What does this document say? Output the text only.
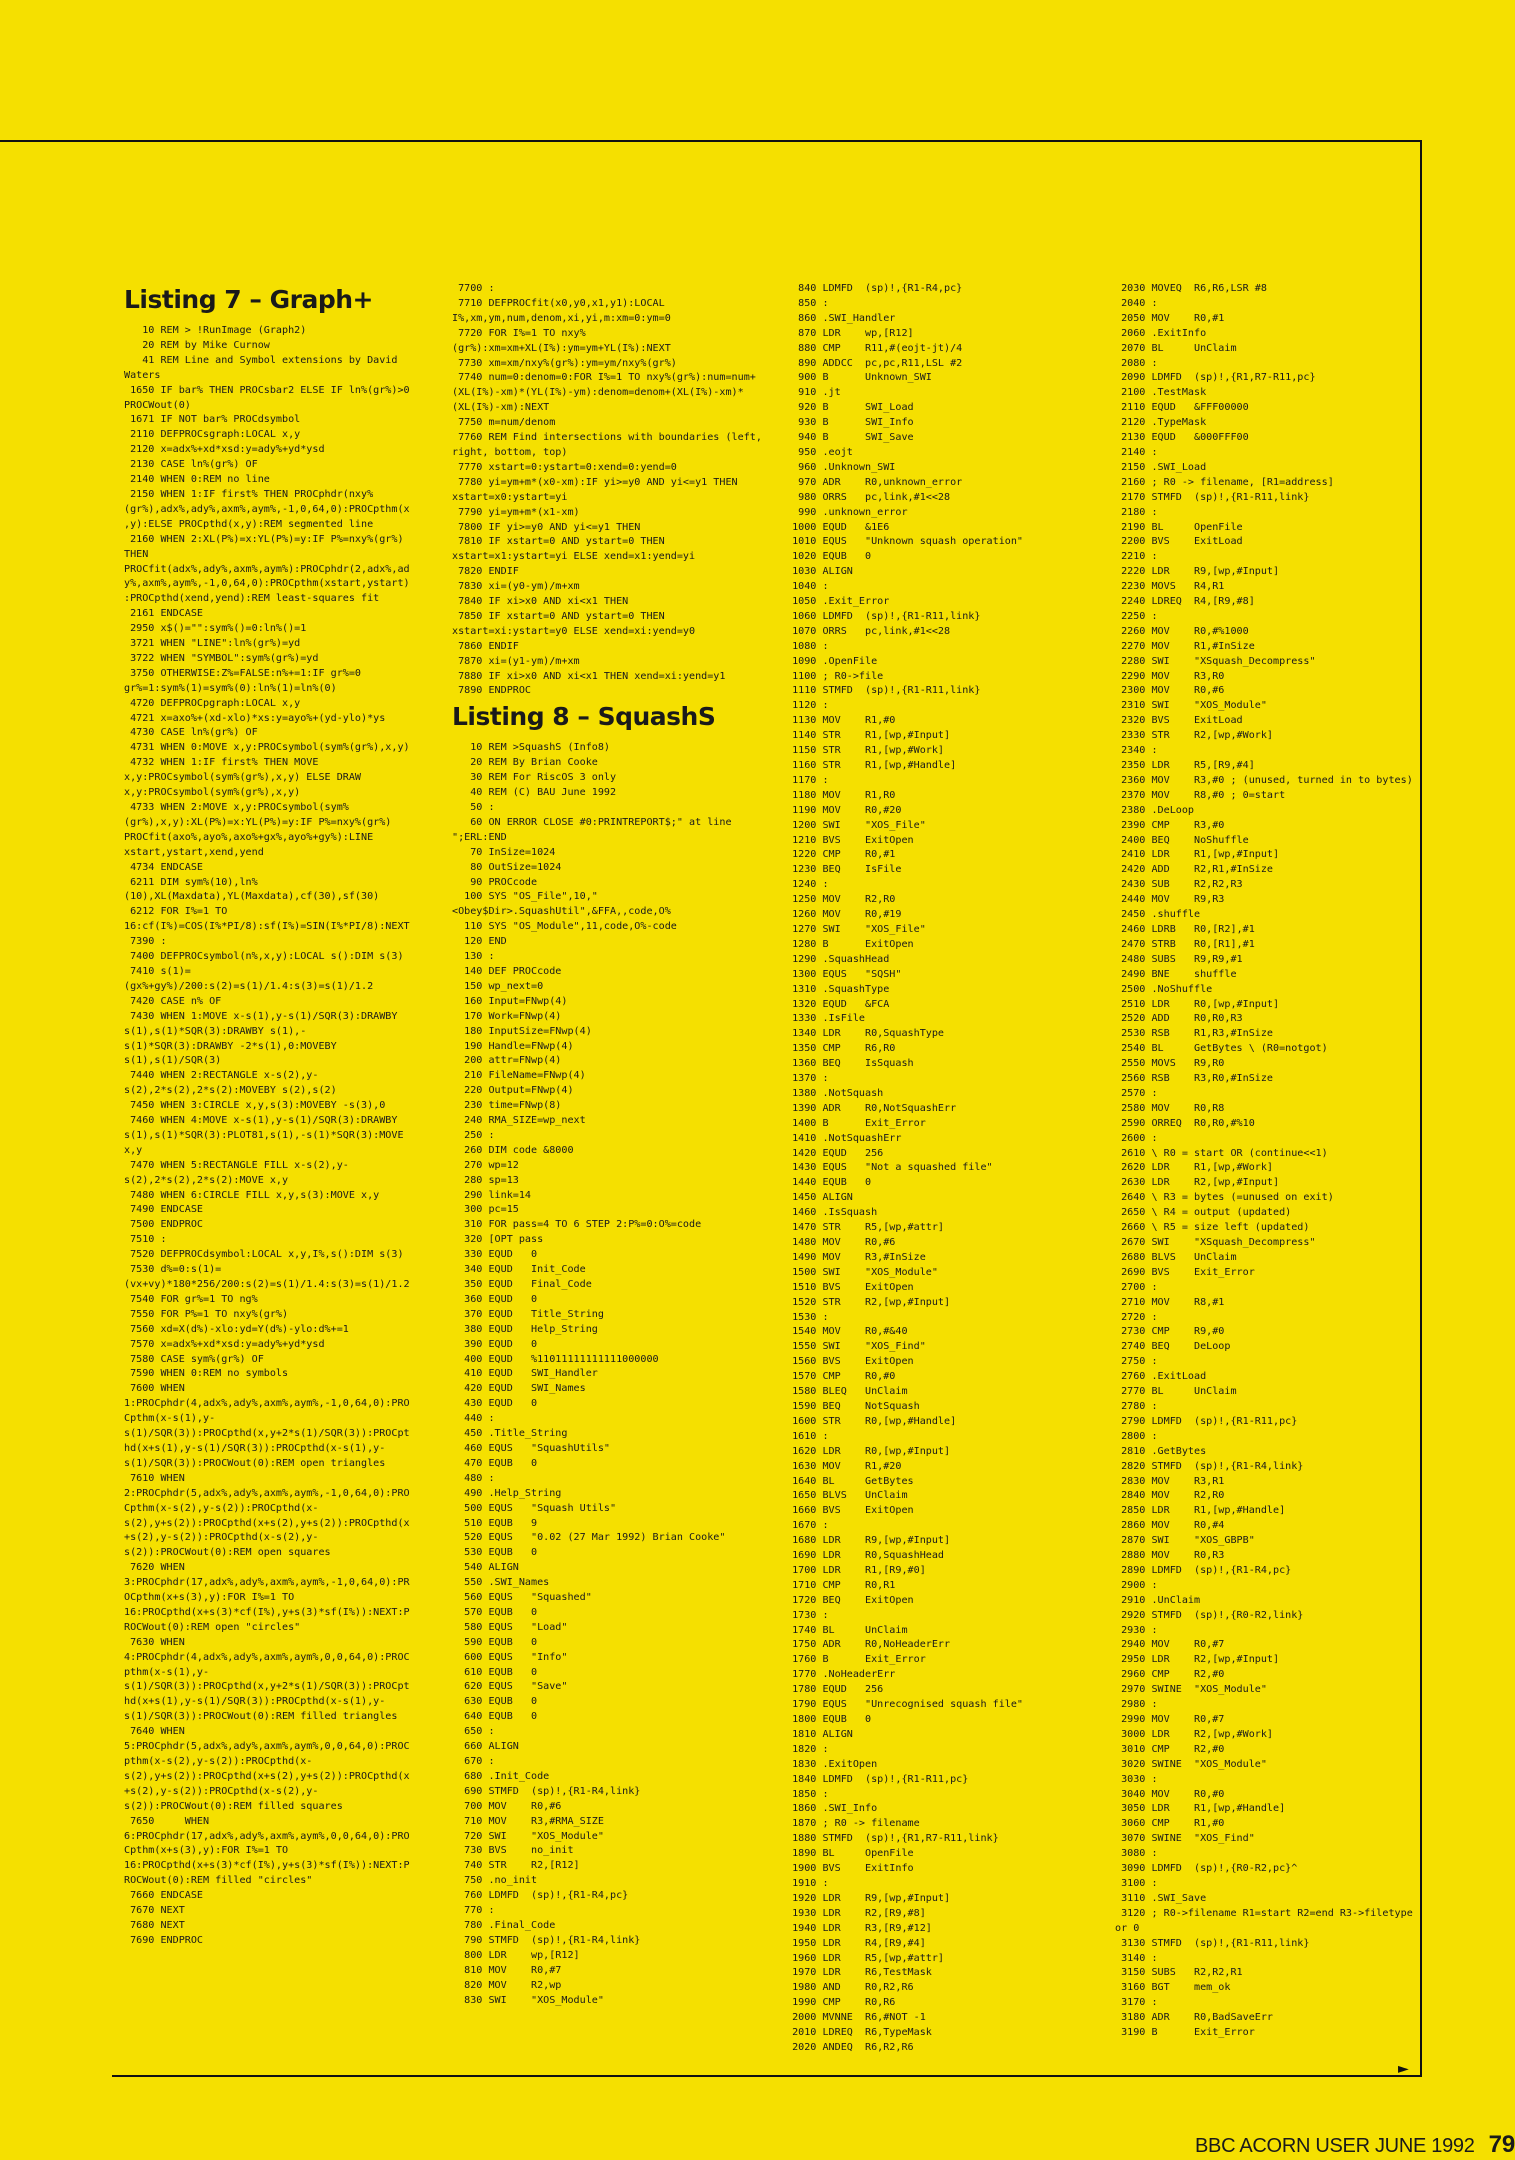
►
Listing 7 – Graph+
10 REM > !RunImage (Graph2)
20 REM by Mike Curnow
41 REM Line and Symbol extensions by David Waters
1650 IF bar% THEN PROCsbar2 ELSE IF ln%(gr%)>0 PROCWout(0)
1671 IF NOT bar% PROCdsymbol
2110 DEFPROCsgraph:LOCAL x,y
2120 x=adx%+xd*xsd:y=ady%+yd*ysd
2130 CASE ln%(gr%) OF
2140 WHEN 0:REM no line
2150 WHEN 1:IF first% THEN PROCphdr(nxy%(gr%),adx%,ady%,axm%,aym%,-1,0,64,0):PROCpthm(x,y):ELSE PROCpthd(x,y):REM segmented line
2160 WHEN 2:XL(P%)=x:YL(P%)=y:IF P%=nxy%(gr%) THEN PROCfit(adx%,ady%,axm%,aym%):PROCphdr(2,adx%,ady%,axm%,aym%,-1,0,64,0):PROCpthm(xstart,ystart):PROCpthd(xend,yend):REM least-squares fit
2161 ENDCASE
2950 x$()="":sym%()=0:ln%()=1
3721 WHEN "LINE":ln%(gr%)=yd
3722 WHEN "SYMBOL":sym%(gr%)=yd
3750 OTHERWISE:Z%=FALSE:n%+=1:IF gr%=0 gr%=1:sym%(1)=sym%(0):ln%(1)=ln%(0)
4720 DEFPROCpgraph:LOCAL x,y
4721 x=axo%+(xd-xlo)*xs:y=ayo%+(yd-ylo)*ys
4730 CASE ln%(gr%) OF
4731 WHEN 0:MOVE x,y:PROCsymbol(sym%(gr%),x,y)
4732 WHEN 1:IF first% THEN MOVE x,y:PROCsymbol(sym%(gr%),x,y) ELSE DRAW x,y:PROCsymbol(sym%(gr%),x,y)
4733 WHEN 2:MOVE x,y:PROCsymbol(sym%(gr%),x,y):XL(P%)=x:YL(P%)=y:IF P%=nxy%(gr%) PROCfit(axo%,ayo%,axo%+gx%,ayo%+gy%):LINE xstart,ystart,xend,yend
4734 ENDCASE
6211 DIM sym%(10),ln%(10),XL(Maxdata),YL(Maxdata),cf(30),sf(30)
6212 FOR I%=1 TO 16:cf(I%)=COS(I%*PI/8):sf(I%)=SIN(I%*PI/8):NEXT
7390 :
7400 DEFPROCsymbol(n%,x,y):LOCAL s():DIM s(3)
7410 s(1)=(gx%+gy%)/200:s(2)=s(1)/1.4:s(3)=s(1)/1.2
7420 CASE n% OF
7430 WHEN 1:MOVE x-s(1),y-s(1)/SQR(3):DRAWBY s(1),s(1)*SQR(3):DRAWBY s(1),-s(1)*SQR(3):DRAWBY -2*s(1),0:MOVEBY s(1),s(1)/SQR(3)
7440 WHEN 2:RECTANGLE x-s(2),y-s(2),2*s(2),2*s(2):MOVEBY s(2),s(2)
7450 WHEN 3:CIRCLE x,y,s(3):MOVEBY -s(3),0
7460 WHEN 4:MOVE x-s(1),y-s(1)/SQR(3):DRAWBY s(1),s(1)*SQR(3):PLOT81,s(1),-s(1)*SQR(3):MOVE x,y
7470 WHEN 5:RECTANGLE FILL x-s(2),y-s(2),2*s(2),2*s(2):MOVE x,y
7480 WHEN 6:CIRCLE FILL x,y,s(3):MOVE x,y
7490 ENDCASE
7500 ENDPROC
7510 :
7520 DEFPROCdsymbol:LOCAL x,y,I%,s():DIM s(3)
7530 d%=0:s(1)=(vx+vy)*180*256/200:s(2)=s(1)/1.4:s(3)=s(1)/1.2
7540 FOR gr%=1 TO ng%
7550 FOR P%=1 TO nxy%(gr%)
7560 xd=X(d%)-xlo:yd=Y(d%)-ylo:d%+=1
7570 x=adx%+xd*xsd:y=ady%+yd*ysd
7580 CASE sym%(gr%) OF
7590 WHEN 0:REM no symbols
7600 WHEN 1:PROCphdr(4,adx%,ady%,axm%,aym%,-1,0,64,0):PROCpthm(x-s(1),y-s(1)/SQR(3)):PROCpthd(x,y+2*s(1)/SQR(3)):PROCpthd(x+s(1),y-s(1)/SQR(3)):PROCpthd(x-s(1),y-s(1)/SQR(3)):PROCWout(0):REM open triangles
7610 WHEN 2:PROCphdr(5,adx%,ady%,axm%,aym%,-1,0,64,0):PROCpthm(x-s(2),y-s(2)):PROCpthd(x-s(2),y+s(2)):PROCpthd(x+s(2),y+s(2)):PROCpthd(x+s(2),y-s(2)):PROCpthd(x-s(2),y-s(2)):PROCWout(0):REM open squares
7620 WHEN 3:PROCphdr(17,adx%,ady%,axm%,aym%,-1,0,64,0):PROCpthm(x+s(3),y):FOR I%=1 TO 16:PROCpthd(x+s(3)*cf(I%),y+s(3)*sf(I%)):NEXT:PROCWout(0):REM open "circles"
7630 WHEN 4:PROCphdr(4,adx%,ady%,axm%,aym%,0,0,64,0):PROCpthm(x-s(1),y-s(1)/SQR(3)):PROCpthd(x,y+2*s(1)/SQR(3)):PROCpthd(x+s(1),y-s(1)/SQR(3)):PROCpthd(x-s(1),y-s(1)/SQR(3)):PROCWout(0):REM filled triangles
7640 WHEN 5:PROCphdr(5,adx%,ady%,axm%,aym%,0,0,64,0):PROCpthm(x-s(2),y-s(2)):PROCpthd(x-s(2),y+s(2)):PROCpthd(x+s(2),y+s(2)):PROCpthd(x+s(2),y-s(2)):PROCpthd(x-s(2),y-s(2)):PROCWout(0):REM filled squares
7650     WHEN 6:PROCphdr(17,adx%,ady%,axm%,aym%,0,0,64,0):PROCpthm(x+s(3),y):FOR I%=1 TO 16:PROCpthd(x+s(3)*cf(I%),y+s(3)*sf(I%)):NEXT:PROCWout(0):REM filled "circles"
7660 ENDCASE
7670 NEXT
7680 NEXT
7690 ENDPROC
7700 :
7710 DEFPROCfit(x0,y0,x1,y1):LOCAL I%,xm,ym,num,denom,xi,yi,m:xm=0:ym=0
7720 FOR I%=1 TO nxy%(gr%):xm=xm+XL(I%):ym=ym+YL(I%):NEXT
7730 xm=xm/nxy%(gr%):ym=ym/nxy%(gr%)
7740 num=0:denom=0:FOR I%=1 TO nxy%(gr%):num=num+(XL(I%)-xm)*(YL(I%)-ym):denom=denom+(XL(I%)-xm)*(XL(I%)-xm):NEXT
7750 m=num/denom
7760 REM Find intersections with boundaries (left, right, bottom, top)
7770 xstart=0:ystart=0:xend=0:yend=0
7780 yi=ym+m*(x0-xm):IF yi>=y0 AND yi<=y1 THEN xstart=x0:ystart=yi
7790 yi=ym+m*(x1-xm)
7800 IF yi>=y0 AND yi<=y1 THEN
7810 IF xstart=0 AND ystart=0 THEN xstart=x1:ystart=yi ELSE xend=x1:yend=yi
7820 ENDIF
7830 xi=(y0-ym)/m+xm
7840 IF xi>x0 AND xi<x1 THEN
7850 IF xstart=0 AND ystart=0 THEN xstart=xi:ystart=y0 ELSE xend=xi:yend=y0
7860 ENDIF
7870 xi=(y1-ym)/m+xm
7880 IF xi>x0 AND xi<x1 THEN xend=xi:yend=y1
7890 ENDPROC
Listing 8 – SquashS
10 REM >SquashS (Info8)
20 REM By Brian Cooke
30 REM For RiscOS 3 only
40 REM (C) BAU June 1992
50 :
60 ON ERROR CLOSE #0:PRINTREPORT$;" at line ";ERL:END
70 InSize=1024
80 OutSize=1024
90 PROCcode
100 SYS "OS_File",10,"<Obey$Dir>.SquashUtil",&FFA,,code,O%
110 SYS "OS_Module",11,code,O%-code
120 END
130 :
140 DEF PROCcode
150 wp_next=0
160 Input=FNwp(4)
170 Work=FNwp(4)
180 InputSize=FNwp(4)
190 Handle=FNwp(4)
200 attr=FNwp(4)
210 FileName=FNwp(4)
220 Output=FNwp(4)
230 time=FNwp(8)
240 RMA_SIZE=wp_next
250 :
260 DIM code &8000
270 wp=12
280 sp=13
290 link=14
300 pc=15
310 FOR pass=4 TO 6 STEP 2:P%=0:O%=code
320 [OPT pass
330 EQUD   0
340 EQUD   Init_Code
350 EQUD   Final_Code
360 EQUD   0
370 EQUD   Title_String
380 EQUD   Help_String
390 EQUD   0
400 EQUD   %11011111111111000000
410 EQUD   SWI_Handler
420 EQUD   SWI_Names
430 EQUD   0
440 :
450 .Title_String
460 EQUS   "SquashUtils"
470 EQUB   0
480 :
490 .Help_String
500 EQUS   "Squash Utils"
510 EQUB   9
520 EQUS   "0.02 (27 Mar 1992) Brian Cooke"
530 EQUB   0
540 ALIGN
550 .SWI_Names
560 EQUS   "Squashed"
570 EQUB   0
580 EQUS   "Load"
590 EQUB   0
600 EQUS   "Info"
610 EQUB   0
620 EQUS   "Save"
630 EQUB   0
640 EQUB   0
650 :
660 ALIGN
670 :
680 .Init_Code
690 STMFD  (sp)!,{R1-R4,link}
700 MOV    R0,#6
710 MOV    R3,#RMA_SIZE
720 SWI    "XOS_Module"
730 BVS    no_init
740 STR    R2,[R12]
750 .no_init
760 LDMFD  (sp)!,{R1-R4,pc}
770 :
780 .Final_Code
790 STMFD  (sp)!,{R1-R4,link}
800 LDR    wp,[R12]
810 MOV    R0,#7
820 MOV    R2,wp
830 SWI    "XOS_Module"
840 LDMFD  (sp)!,{R1-R4,pc}
850 :
860 .SWI_Handler
870 LDR    wp,[R12]
880 CMP    R11,#(eojt-jt)/4
890 ADDCC  pc,pc,R11,LSL #2
900 B      Unknown_SWI
910 .jt
920 B      SWI_Load
930 B      SWI_Info
940 B      SWI_Save
950 .eojt
960 .Unknown_SWI
970 ADR    R0,unknown_error
980 ORRS   pc,link,#1<<28
990 .unknown_error
1000 EQUD   &1E6
1010 EQUS   "Unknown squash operation"
1020 EQUB   0
1030 ALIGN
1040 :
1050 .Exit_Error
1060 LDMFD  (sp)!,{R1-R11,link}
1070 ORRS   pc,link,#1<<28
1080 :
1090 .OpenFile
1100 ; R0->file
1110 STMFD  (sp)!,{R1-R11,link}
1120 :
1130 MOV    R1,#0
1140 STR    R1,[wp,#Input]
1150 STR    R1,[wp,#Work]
1160 STR    R1,[wp,#Handle]
1170 :
1180 MOV    R1,R0
1190 MOV    R0,#20
1200 SWI    "XOS_File"
1210 BVS    ExitOpen
1220 CMP    R0,#1
1230 BEQ    IsFile
1240 :
1250 MOV    R2,R0
1260 MOV    R0,#19
1270 SWI    "XOS_File"
1280 B      ExitOpen
1290 .SquashHead
1300 EQUS   "SQSH"
1310 .SquashType
1320 EQUD   &FCA
1330 .IsFile
1340 LDR    R0,SquashType
1350 CMP    R6,R0
1360 BEQ    IsSquash
1370 :
1380 .NotSquash
1390 ADR    R0,NotSquashErr
1400 B      Exit_Error
1410 .NotSquashErr
1420 EQUD   256
1430 EQUS   "Not a squashed file"
1440 EQUB   0
1450 ALIGN
1460 .IsSquash
1470 STR    R5,[wp,#attr]
1480 MOV    R0,#6
1490 MOV    R3,#InSize
1500 SWI    "XOS_Module"
1510 BVS    ExitOpen
1520 STR    R2,[wp,#Input]
1530 :
1540 MOV    R0,#&40
1550 SWI    "XOS_Find"
1560 BVS    ExitOpen
1570 CMP    R0,#0
1580 BLEQ   UnClaim
1590 BEQ    NotSquash
1600 STR    R0,[wp,#Handle]
1610 :
1620 LDR    R0,[wp,#Input]
1630 MOV    R1,#20
1640 BL     GetBytes
1650 BLVS   UnClaim
1660 BVS    ExitOpen
1670 :
1680 LDR    R9,[wp,#Input]
1690 LDR    R0,SquashHead
1700 LDR    R1,[R9,#0]
1710 CMP    R0,R1
1720 BEQ    ExitOpen
1730 :
1740 BL     UnClaim
1750 ADR    R0,NoHeaderErr
1760 B      Exit_Error
1770 .NoHeaderErr
1780 EQUD   256
1790 EQUS   "Unrecognised squash file"
1800 EQUB   0
1810 ALIGN
1820 :
1830 .ExitOpen
1840 LDMFD  (sp)!,{R1-R11,pc}
1850 :
1860 .SWI_Info
1870 ; R0 -> filename
1880 STMFD  (sp)!,{R1,R7-R11,link}
1890 BL     OpenFile
1900 BVS    ExitInfo
1910 :
1920 LDR    R9,[wp,#Input]
1930 LDR    R2,[R9,#8]
1940 LDR    R3,[R9,#12]
1950 LDR    R4,[R9,#4]
1960 LDR    R5,[wp,#attr]
1970 LDR    R6,TestMask
1980 AND    R0,R2,R6
1990 CMP    R0,R6
2000 MVNNE  R6,#NOT -1
2010 LDREQ  R6,TypeMask
2020 ANDEQ  R6,R2,R6
2030 MOVEQ  R6,R6,LSR #8
2040 :
2050 MOV    R0,#1
2060 .ExitInfo
2070 BL     UnClaim
2080 :
2090 LDMFD  (sp)!,{R1,R7-R11,pc}
2100 .TestMask
2110 EQUD   &FFF00000
2120 .TypeMask
2130 EQUD   &000FFF00
2140 :
2150 .SWI_Load
2160 ; R0 -> filename, [R1=address]
2170 STMFD  (sp)!,{R1-R11,link}
2180 :
2190 BL     OpenFile
2200 BVS    ExitLoad
2210 :
2220 LDR    R9,[wp,#Input]
2230 MOVS   R4,R1
2240 LDREQ  R4,[R9,#8]
2250 :
2260 MOV    R0,#%1000
2270 MOV    R1,#InSize
2280 SWI    "XSquash_Decompress"
2290 MOV    R3,R0
2300 MOV    R0,#6
2310 SWI    "XOS_Module"
2320 BVS    ExitLoad
2330 STR    R2,[wp,#Work]
2340 :
2350 LDR    R5,[R9,#4]
2360 MOV    R3,#0 ; (unused, turned in to bytes)
2370 MOV    R8,#0 ; 0=start
2380 .DeLoop
2390 CMP    R3,#0
2400 BEQ    NoShuffle
2410 LDR    R1,[wp,#Input]
2420 ADD    R2,R1,#InSize
2430 SUB    R2,R2,R3
2440 MOV    R9,R3
2450 .shuffle
2460 LDRB   R0,[R2],#1
2470 STRB   R0,[R1],#1
2480 SUBS   R9,R9,#1
2490 BNE    shuffle
2500 .NoShuffle
2510 LDR    R0,[wp,#Input]
2520 ADD    R0,R0,R3
2530 RSB    R1,R3,#InSize
2540 BL     GetBytes \ (R0=notgot)
2550 MOVS   R9,R0
2560 RSB    R3,R0,#InSize
2570 :
2580 MOV    R0,R8
2590 ORREQ  R0,R0,#%10
2600 :
2610 \ R0 = start OR (continue<<1)
2620 LDR    R1,[wp,#Work]
2630 LDR    R2,[wp,#Input]
2640 \ R3 = bytes (=unused on exit)
2650 \ R4 = output (updated)
2660 \ R5 = size left (updated)
2670 SWI    "XSquash_Decompress"
2680 BLVS   UnClaim
2690 BVS    Exit_Error
2700 :
2710 MOV    R8,#1
2720 :
2730 CMP    R9,#0
2740 BEQ    DeLoop
2750 :
2760 .ExitLoad
2770 BL     UnClaim
2780 :
2790 LDMFD  (sp)!,{R1-R11,pc}
2800 :
2810 .GetBytes
2820 STMFD  (sp)!,{R1-R4,link}
2830 MOV    R3,R1
2840 MOV    R2,R0
2850 LDR    R1,[wp,#Handle]
2860 MOV    R0,#4
2870 SWI    "XOS_GBPB"
2880 MOV    R0,R3
2890 LDMFD  (sp)!,{R1-R4,pc}
2900 :
2910 .UnClaim
2920 STMFD  (sp)!,{R0-R2,link}
2930 :
2940 MOV    R0,#7
2950 LDR    R2,[wp,#Input]
2960 CMP    R2,#0
2970 SWINE  "XOS_Module"
2980 :
2990 MOV    R0,#7
3000 LDR    R2,[wp,#Work]
3010 CMP    R2,#0
3020 SWINE  "XOS_Module"
3030 :
3040 MOV    R0,#0
3050 LDR    R1,[wp,#Handle]
3060 CMP    R1,#0
3070 SWINE  "XOS_Find"
3080 :
3090 LDMFD  (sp)!,{R0-R2,pc}^
3100 :
3110 .SWI_Save
3120 ; R0->filename R1=start R2=end R3->filetype or 0
3130 STMFD  (sp)!,{R1-R11,link}
3140 :
3150 SUBS   R2,R2,R1
3160 BGT    mem_ok
3170 :
3180 ADR    R0,BadSaveErr
3190 B      Exit_Error
BBC ACORN USER JUNE 1992 79
